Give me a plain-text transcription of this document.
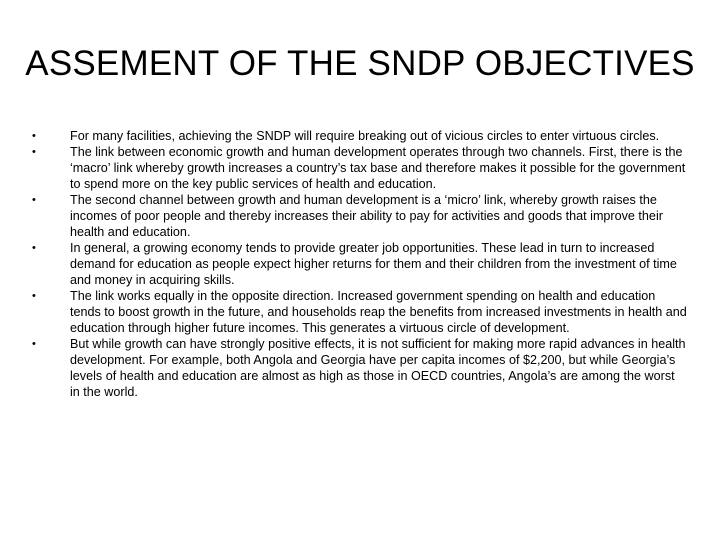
ASSEMENT OF THE SNDP OBJECTIVES
•	For many facilities, achieving the SNDP will require breaking out of vicious circles to enter virtuous circles.
•	The link between economic growth and human development operates through two channels. First, there is the ‘macro’ link whereby growth increases a country’s tax base and therefore makes it possible for the government to spend more on the key public services of health and education.
•	The second channel between growth and human development is a ‘micro’ link, whereby growth raises the incomes of poor people and thereby increases their ability to pay for activities and goods that improve their health and education.
•	In general, a growing economy tends to provide greater job opportunities. These lead in turn to increased demand for education as people expect higher returns for them and their children from the investment of time and money in acquiring skills.
•	The link works equally in the opposite direction. Increased government spending on health and education tends to boost growth in the future, and households reap the benefits from increased investments in health and education through higher future incomes. This generates a virtuous circle of development.
•	But while growth can have strongly positive effects, it is not sufficient for making more rapid advances in health development. For example, both Angola and Georgia have per capita incomes of $2,200, but while Georgia’s levels of health and education are almost as high as those in OECD countries, Angola’s are among the worst in the world.
